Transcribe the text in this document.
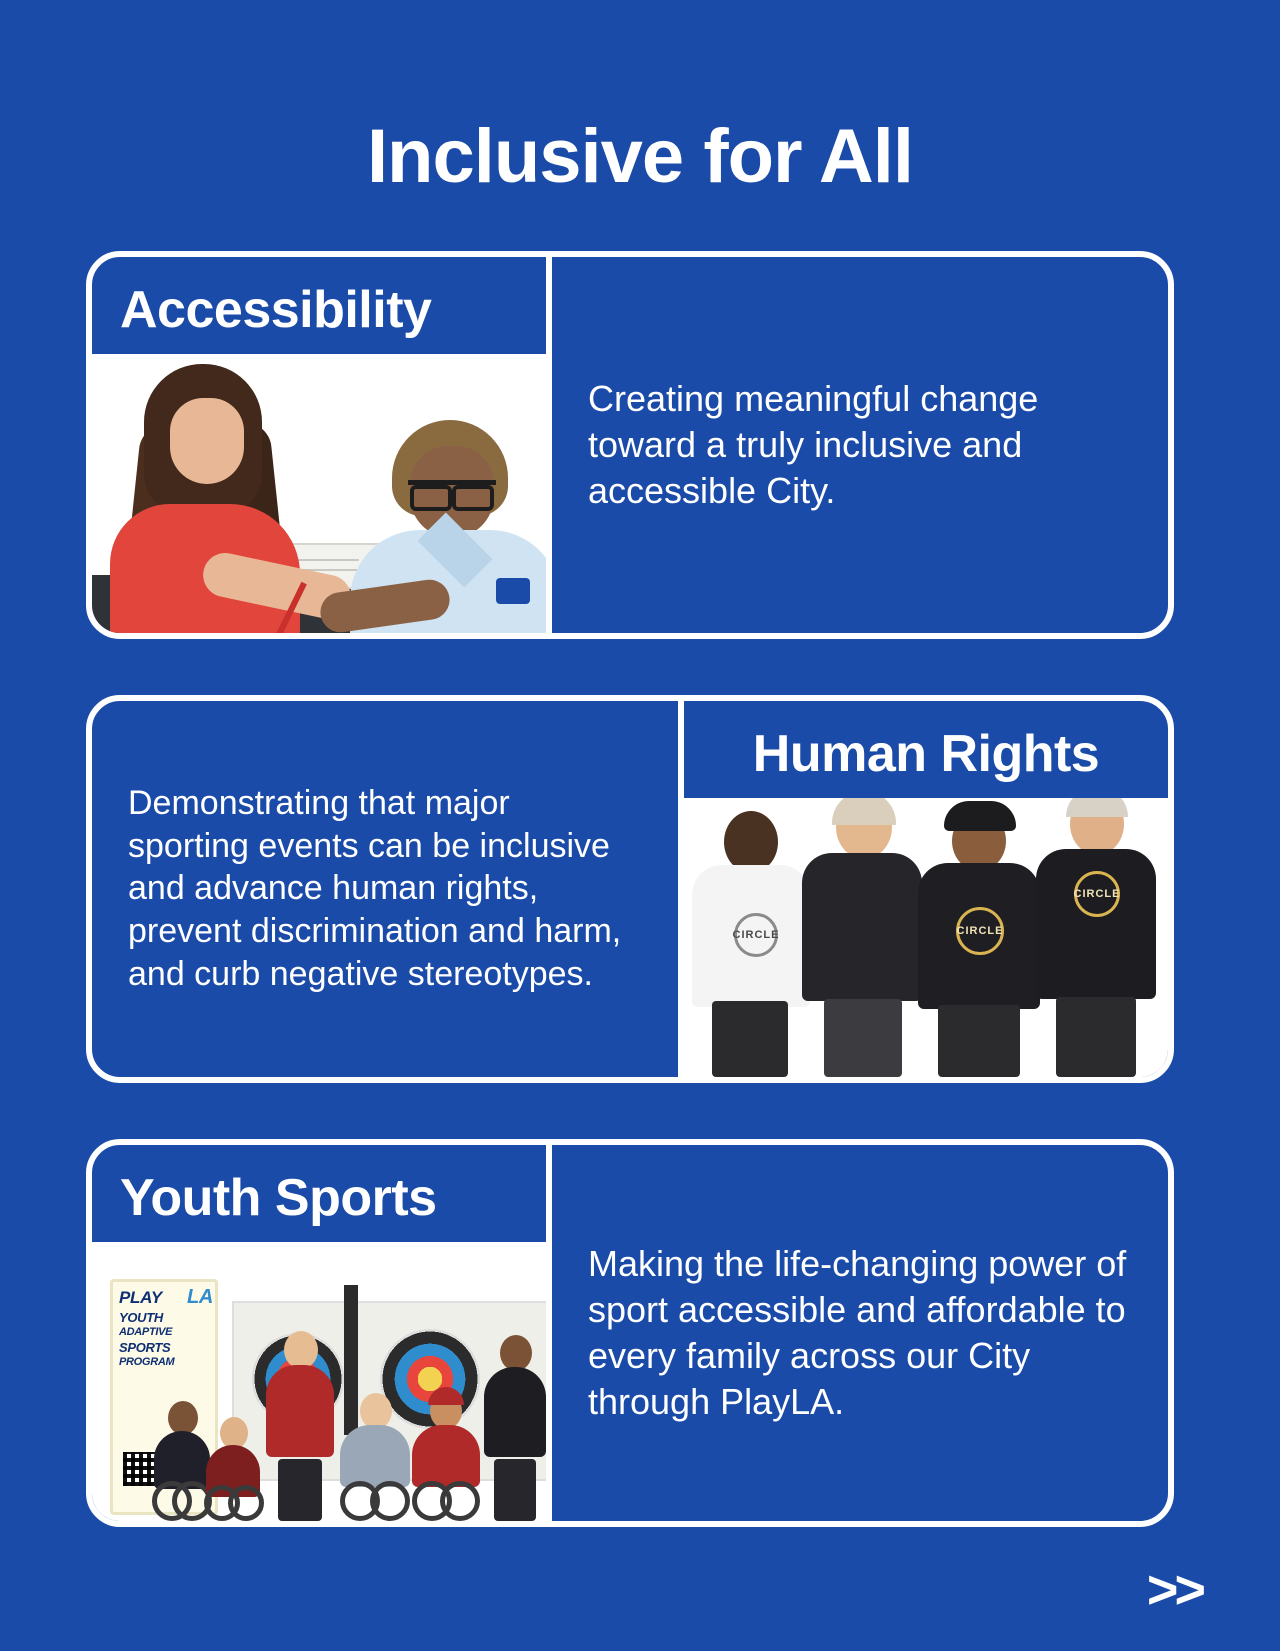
Inclusive for All
Accessibility

Creating meaningful change toward a truly inclusive and accessible City.

Demonstrating that major sporting events can be inclusive and advance human rights, prevent discrimination and harm, and curb negative stereotypes.

Human Rights
CIRCLE	CIRCLE
CIRCLE
Youth Sports
PLAY LA
YOUTH
ADAPTIVE
SPORTS
PROGRAM

Making the life-changing power of sport accessible and affordable to every family across our City through PlayLA.

>>
